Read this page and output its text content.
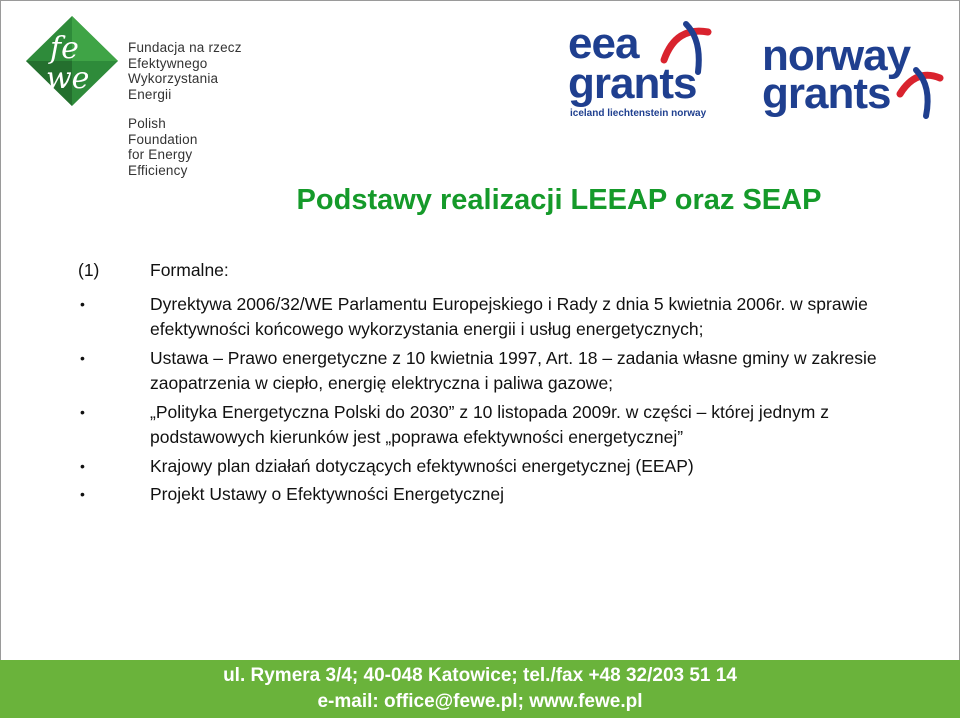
fe
we
Fundacja na rzecz
Efektywnego
Wykorzystania
Energii
Polish
Foundation
for Energy
Efficiency
eea
grants
iceland liechtenstein norway
norway
grants
Podstawy realizacji LEEAP oraz SEAP
(1)	Formalne:
•	Dyrektywa 2006/32/WE Parlamentu Europejskiego i Rady z dnia 5 kwietnia 2006r. w sprawie efektywności końcowego wykorzystania energii i usług energetycznych;
•	Ustawa – Prawo energetyczne z 10 kwietnia 1997, Art. 18 – zadania własne gminy w zakresie zaopatrzenia w ciepło, energię elektryczna i paliwa gazowe;
•	„Polityka Energetyczna Polski do 2030” z 10 listopada 2009r. w części – której jednym z podstawowych kierunków jest „poprawa efektywności energetycznej”
•	Krajowy plan działań dotyczących efektywności energetycznej (EEAP)
•	Projekt Ustawy o Efektywności Energetycznej
ul. Rymera 3/4; 40-048 Katowice; tel./fax +48 32/203 51 14
e-mail: office@fewe.pl; www.fewe.pl
